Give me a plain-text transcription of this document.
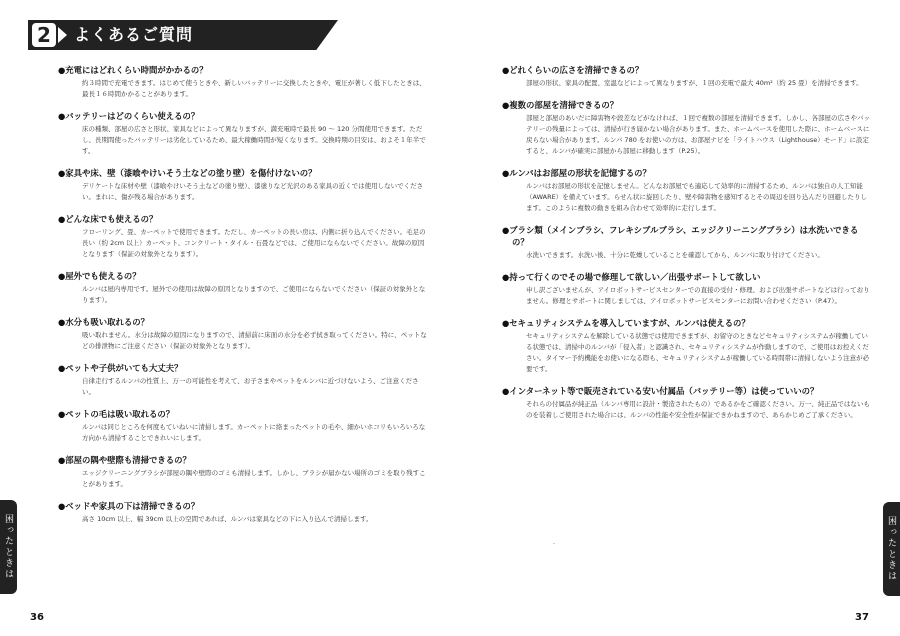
2	よくあるご質問
●充電にはどれくらい時間がかかるの？
約３時間で充電できます。はじめて使うときや、新しいバッテリーに交換したときや、電圧が著しく低下したときは、最長１６時間かかることがあります。
●バッテリーはどのくらい使えるの？
床の種類、部屋の広さと形状、家具などによって異なりますが、満充電時で最長 90 〜 120 分間使用できます。ただし、長期間使ったバッテリーは劣化しているため、最大稼働時間が短くなります。交換時期の目安は、およそ１年半です。
●家具や床、壁（漆喰やけいそう土などの塗り壁）を傷付けないの？
デリケートな床材や壁（漆喰やけいそう土などの塗り壁）、漆塗りなど光沢のある家具の近くでは使用しないでください。まれに、傷が残る場合があります。
●どんな床でも使えるの？
フローリング、畳、カーペットで使用できます。ただし、カーペットの長い房は、内側に折り込んでください。毛足の長い（約 2cm 以上）カーペット、コンクリート・タイル・石畳などでは、ご使用にならないでください。故障の原因となります（保証の対象外となります）。
●屋外でも使えるの？
ルンバは屋内専用です。屋外での使用は故障の原因となりますので、ご使用にならないでください（保証の対象外となります）。
●水分も吸い取れるの？
吸い取れません。水分は故障の原因になりますので、清掃前に床面の水分を必ず拭き取ってください。特に、ペットなどの排泄物にご注意ください（保証の対象外となります）。
●ペットや子供がいても大丈夫？
自律走行するルンバの性質上、万一の可能性を考えて、お子さまやペットをルンバに近づけないよう、ご注意ください。
●ペットの毛は吸い取れるの？
ルンバは同じところを何度もていねいに清掃します。カーペットに絡まったペットの毛や、細かいホコリもいろいろな方向から清掃することできれいにします。
●部屋の隅や壁際も清掃できるの？
エッジクリーニングブラシが部屋の隅や壁際のゴミも清掃します。しかし、ブラシが届かない場所のゴミを取り残すことがあります。
●ベッドや家具の下は清掃できるの？
高さ 10cm 以上、幅 39cm 以上の空間であれば、ルンバは家具などの下に入り込んで清掃します。
●どれくらいの広さを清掃できるの？
部屋の形状、家具の配置、室温などによって異なりますが、１回の充電で最大 40m²（約 25 畳）を清掃できます。
●複数の部屋を清掃できるの？
部屋と部屋のあいだに障害物や段差などがなければ、１回で複数の部屋を清掃できます。しかし、各部屋の広さやバッテリーの残量によっては、清掃が行き届かない場合があります。また、ホームベースを使用した際に、ホームベースに戻らない場合があります。ルンバ 780 をお使いの方は、お部屋ナビを「ライトハウス（Lighthouse）モード」に設定すると、ルンバが確実に部屋から部屋に移動します（P.25）。
●ルンバはお部屋の形状を記憶するの？
ルンバはお部屋の形状を記憶しません。どんなお部屋でも適応して効率的に清掃するため、ルンバは独自の人工知能（AWARE）を備えています。らせん状に旋回したり、壁や障害物を感知するとその周辺を回り込んだり回避したりします。このように複数の動きを組み合わせて効率的に走行します。
●ブラシ類（メインブラシ、フレキシブルブラシ、エッジクリーニングブラシ）は水洗いできるの？
水洗いできます。水洗い後、十分に乾燥していることを確認してから、ルンバに取り付けてください。
●持って行くのでその場で修理して欲しい／出張サポートして欲しい
申し訳ございませんが、アイロボットサービスセンターでの直接の受付・修理、および出張サポートなどは行っておりません。修理とサポートに関しましては、アイロボットサービスセンターにお問い合わせください（P.47）。
●セキュリティシステムを導入していますが、ルンバは使えるの？
セキュリティシステムを解除している状態では使用できますが、お留守のときなどセキュリティシステムが稼働している状態では、清掃中のルンバが「侵入者」と認識され、セキュリティシステムが作動しますので、ご使用はお控えください。タイマー予約機能をお使いになる際も、セキュリティシステムが稼働している時間帯に清掃しないよう注意が必要です。
●インターネット等で販売されている安い付属品（バッテリー等）は使っていいの？
それらの付属品が純正品（ルンバ専用に設計・製造されたもの）であるかをご確認ください。万一、純正品ではないものを装着しご使用された場合には、ルンバの性能や安全性が保証できかねますので、あらかじめご了承ください。
困ったときは	困ったときは
36	37
·
